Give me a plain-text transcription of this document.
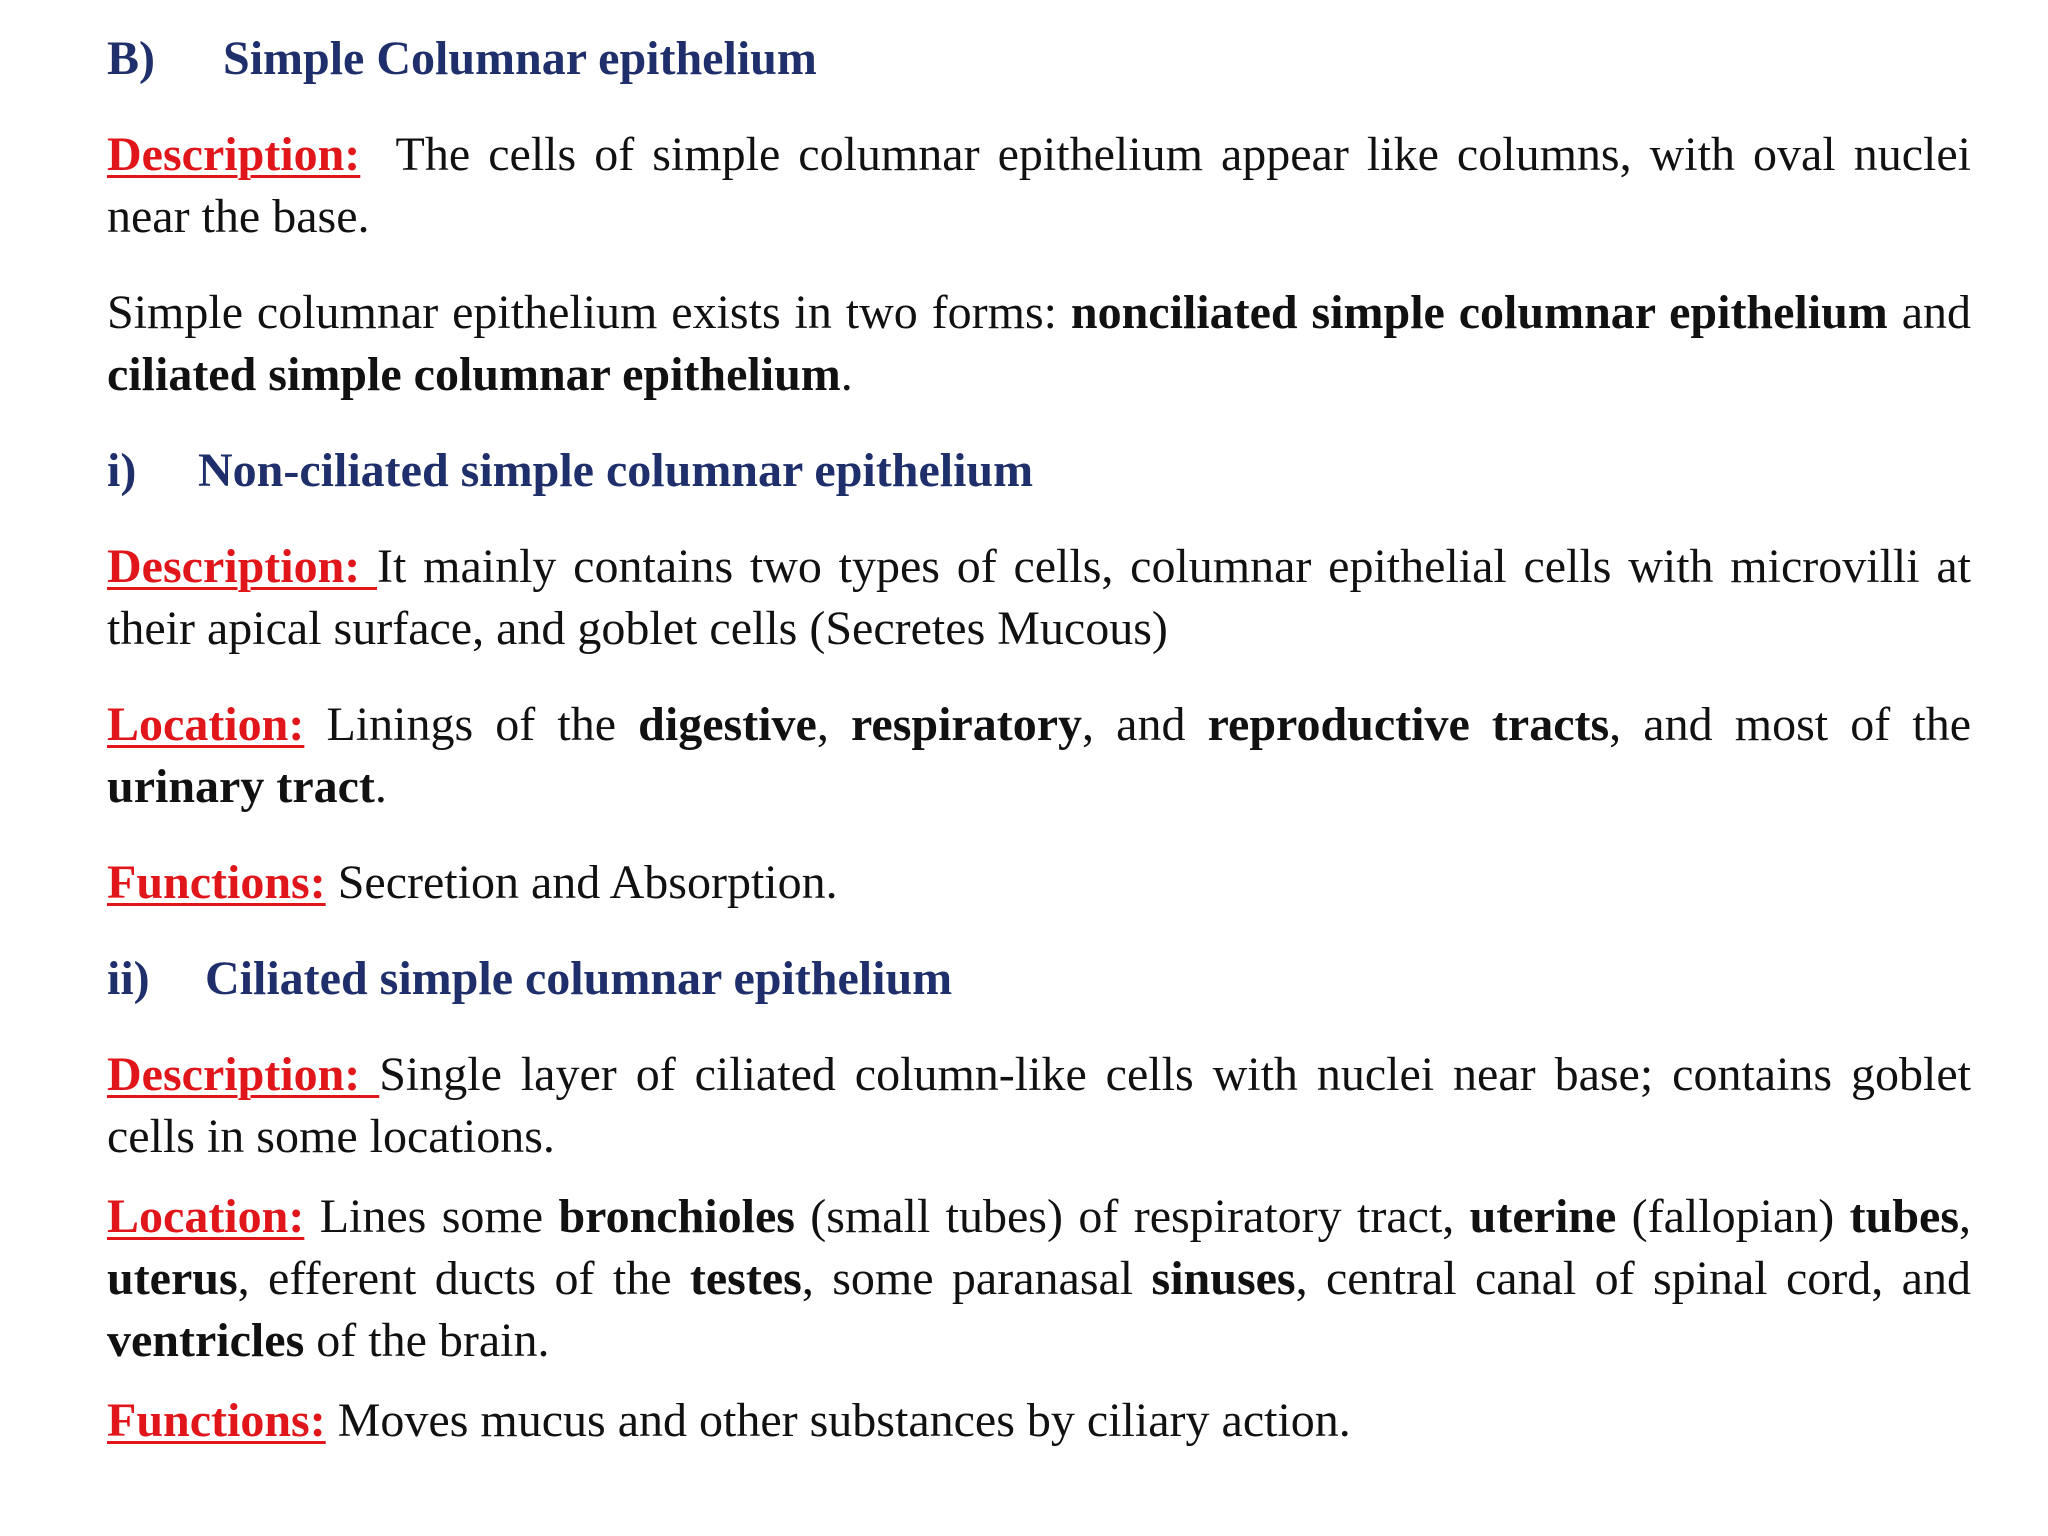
B)	Simple Columnar epithelium

Description: The cells of simple columnar epithelium appear like columns, with oval nuclei near the base.

Simple columnar epithelium exists in two forms: nonciliated simple columnar epithelium and ciliated simple columnar epithelium.

i)	Non-ciliated simple columnar epithelium

Description: It mainly contains two types of cells, columnar epithelial cells with microvilli at their apical surface, and goblet cells (Secretes Mucous)

Location: Linings of the digestive, respiratory, and reproductive tracts, and most of the urinary tract.

Functions: Secretion and Absorption.

ii)	Ciliated simple columnar epithelium

Description: Single layer of ciliated column-like cells with nuclei near base; contains goblet cells in some locations.

Location: Lines some bronchioles (small tubes) of respiratory tract, uterine (fallopian) tubes, uterus, efferent ducts of the testes, some paranasal sinuses, central canal of spinal cord, and ventricles of the brain.

Functions: Moves mucus and other substances by ciliary action.
